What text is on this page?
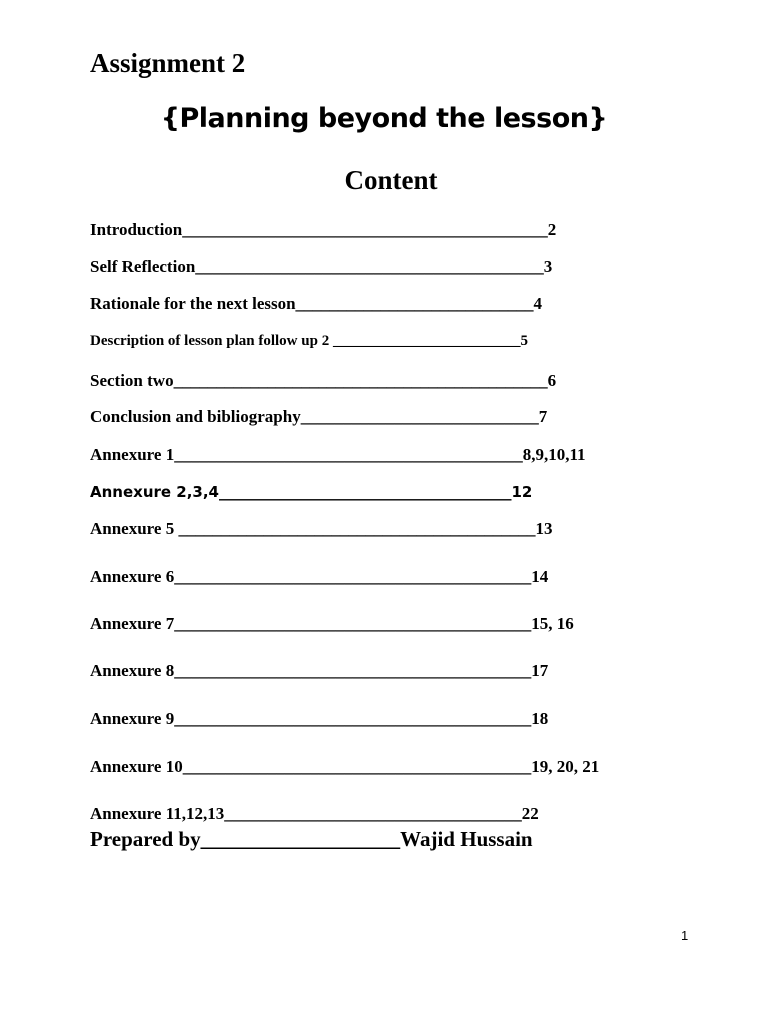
Assignment 2
{Planning beyond the lesson}
Content
Introduction___________________________________________2
Self Reflection_________________________________________3
Rationale for the next lesson____________________________4
Description of lesson plan follow up 2 _________________________5
Section two____________________________________________6
Conclusion and bibliography____________________________7
Annexure 1_________________________________________8,9,10,11
Annexure 2,3,4_______________________________________12
Annexure 5 __________________________________________13
Annexure 6__________________________________________14
Annexure 7__________________________________________15, 16
Annexure 8__________________________________________17
Annexure 9__________________________________________18
Annexure 10_________________________________________19, 20, 21
Annexure 11,12,13___________________________________22
Prepared by___________________Wajid Hussain
1
